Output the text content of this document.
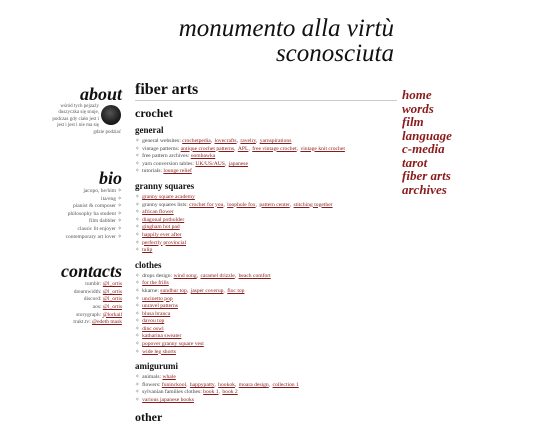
monumento alla virtù
sconosciuta
about
wśród tych pejzaży
duszyczka się snuje,
podczas gdy ciało jest i
jest i jest i nie ma się
gdzie podziać
bio
jacopo, he/him ✧
ita/eng ✧
pianist & composer ✧
philosophy ba student ✧
film dabbler ✧
classic lit enjoyer ✧
contemporary art lover ✧
contacts
tumblr: @l_ortis
dreamwidth: @l_ortis
discord: @l_ortis
aos: @l_ortis
storygraph: @lorkail
trakt.tv: @edeth mask
fiber arts
crochet
general
✧ general websites: crochetpedia, lovecrafts, ravelry, yarnspirations
✧ vintage patterns: antique crochet patterns, APL, free vintage crochet, vintage knit crochet
✧ free pattern archives: oombawka
✧ yarn conversion tables: UK/US/AUS, japanese
✧ tutorials: lounge relief
granny squares
✧ granny square academy
✧ granny squares lists: crochet for you, loophole fox, pattern center, stitching together
✧ african flower
✧ diagonal potholder
✧ gingham hot pad
✧ happily ever after
✧ perfectly provincial
✧ tulip
clothes
✧ drops design: wind song, caramel drizzle, beach comfort
✧ for the frills
✧ kkarne: sundhur top, jasper coverup, floc top
✧ uncinetto pop
✧ unravel patterns
✧ blusa branca
✧ davou top
✧ dinc oswl
✧ katharina sweater
✧ popover granny square vest
✧ wide leg shorts
amigurumi
✧ animals: whale
✧ flowers: funinckool, happypatty, hookok, moara design, collection 1
✧ sylvanian families clothes: book 1, book 2
✧ various japanese books
other
home
words
film
language
c-media
tarot
fiber arts
archives
